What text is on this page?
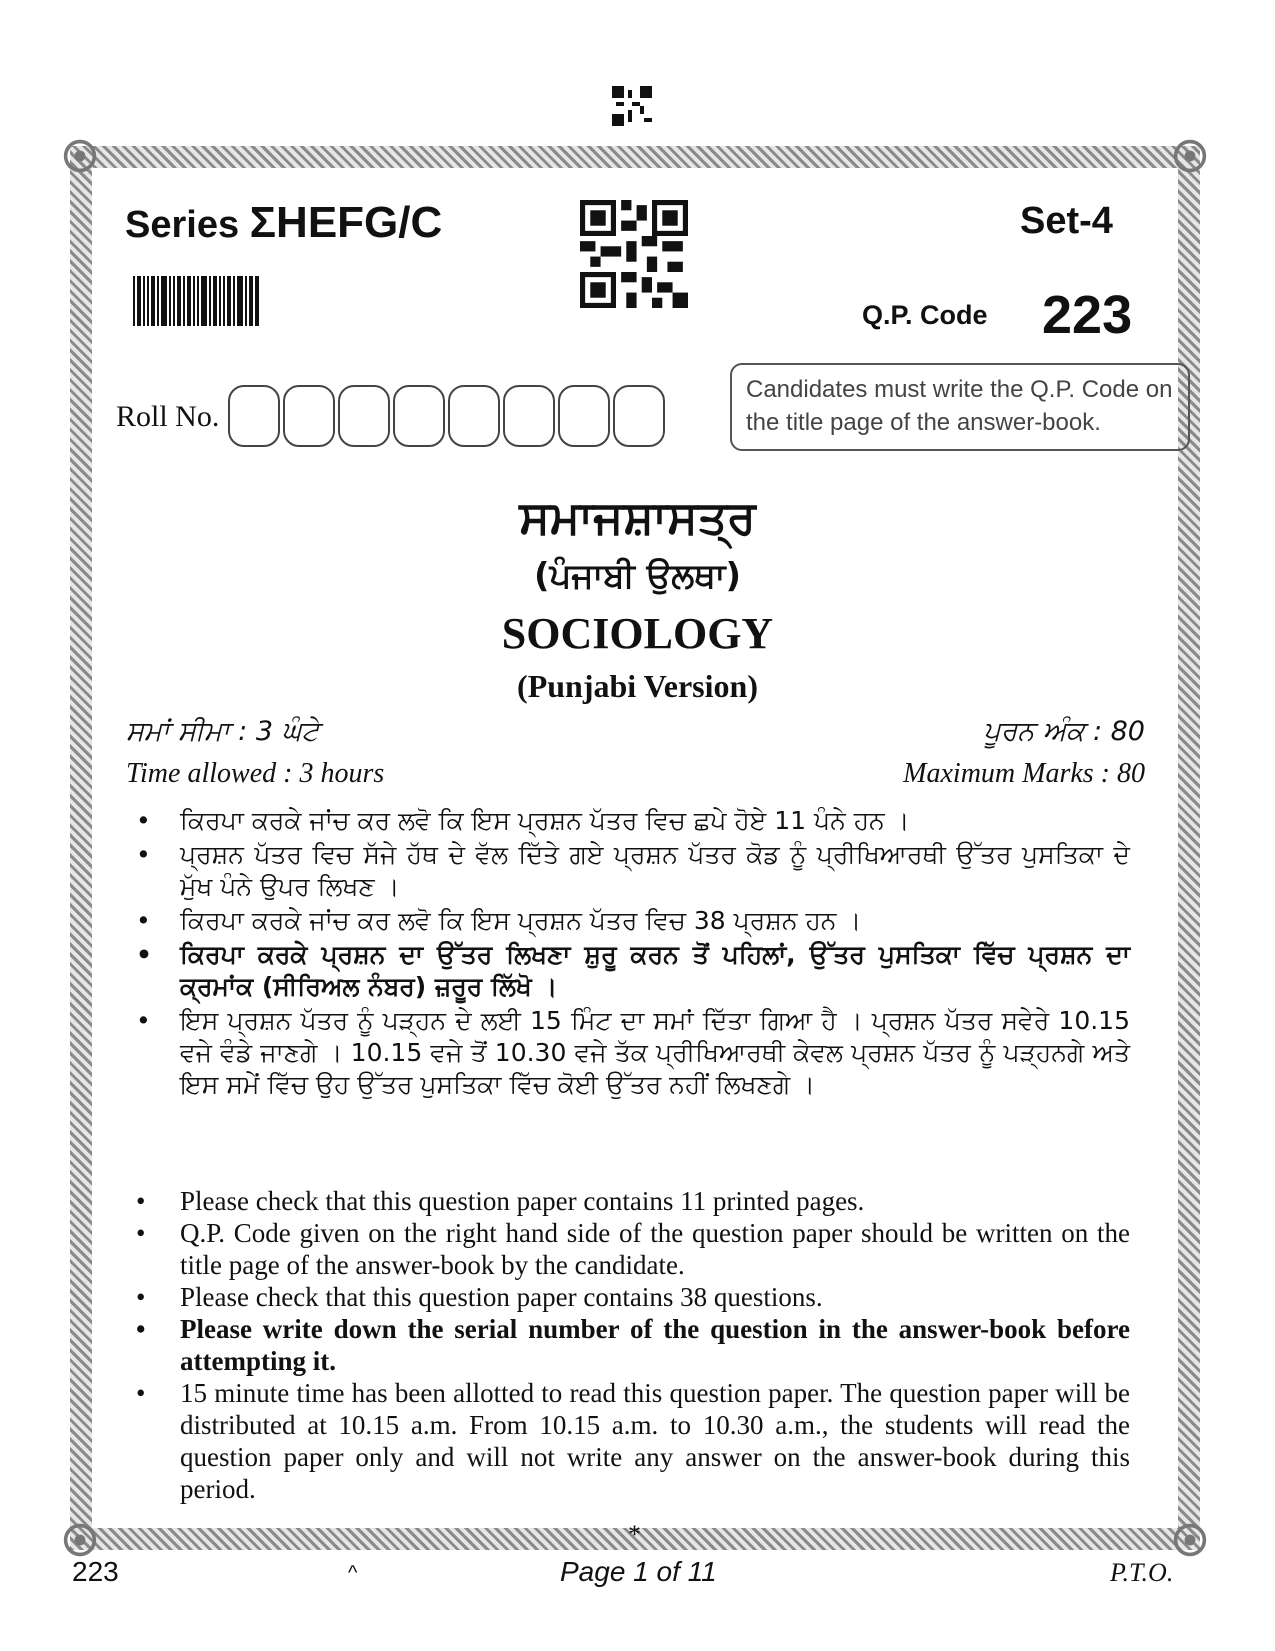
Series ΣHEFG/C	Set-4
Q.P. Code 223
Roll No.
Candidates must write the Q.P. Code on the title page of the answer-book.
ਸਮਾਜਸ਼ਾਸਤ੍ਰ
(ਪੰਜਾਬੀ ਉਲਥਾ)
SOCIOLOGY
(Punjabi Version)
ਸਮਾਂ ਸੀਮਾ : 3 ਘੰਟੇ	ਪੂਰਨ ਅੰਕ : 80
Time allowed : 3 hours	Maximum Marks : 80
• ਕਿਰਪਾ ਕਰਕੇ ਜਾਂਚ ਕਰ ਲਵੋ ਕਿ ਇਸ ਪ੍ਰਸ਼ਨ ਪੱਤਰ ਵਿਚ ਛਪੇ ਹੋਏ 11 ਪੰਨੇ ਹਨ ।
• ਪ੍ਰਸ਼ਨ ਪੱਤਰ ਵਿਚ ਸੱਜੇ ਹੱਥ ਦੇ ਵੱਲ ਦਿੱਤੇ ਗਏ ਪ੍ਰਸ਼ਨ ਪੱਤਰ ਕੋਡ ਨੂੰ ਪ੍ਰੀਖਿਆਰਥੀ ਉੱਤਰ ਪੁਸਤਿਕਾ ਦੇ ਮੁੱਖ ਪੰਨੇ ਉਪਰ ਲਿਖਣ ।
• ਕਿਰਪਾ ਕਰਕੇ ਜਾਂਚ ਕਰ ਲਵੋ ਕਿ ਇਸ ਪ੍ਰਸ਼ਨ ਪੱਤਰ ਵਿਚ 38 ਪ੍ਰਸ਼ਨ ਹਨ ।
• ਕਿਰਪਾ ਕਰਕੇ ਪ੍ਰਸ਼ਨ ਦਾ ਉੱਤਰ ਲਿਖਣਾ ਸ਼ੁਰੂ ਕਰਨ ਤੋਂ ਪਹਿਲਾਂ, ਉੱਤਰ ਪੁਸਤਿਕਾ ਵਿੱਚ ਪ੍ਰਸ਼ਨ ਦਾ ਕ੍ਰਮਾਂਕ (ਸੀਰਿਅਲ ਨੰਬਰ) ਜ਼ਰੂਰ ਲਿੱਖੋ ।
• ਇਸ ਪ੍ਰਸ਼ਨ ਪੱਤਰ ਨੂੰ ਪੜ੍ਹਨ ਦੇ ਲਈ 15 ਮਿੰਟ ਦਾ ਸਮਾਂ ਦਿੱਤਾ ਗਿਆ ਹੈ । ਪ੍ਰਸ਼ਨ ਪੱਤਰ ਸਵੇਰੇ 10.15 ਵਜੇ ਵੰਡੇ ਜਾਣਗੇ । 10.15 ਵਜੇ ਤੋਂ 10.30 ਵਜੇ ਤੱਕ ਪ੍ਰੀਖਿਆਰਥੀ ਕੇਵਲ ਪ੍ਰਸ਼ਨ ਪੱਤਰ ਨੂੰ ਪੜ੍ਹਨਗੇ ਅਤੇ ਇਸ ਸਮੇਂ ਵਿੱਚ ਉਹ ਉੱਤਰ ਪੁਸਤਿਕਾ ਵਿੱਚ ਕੋਈ ਉੱਤਰ ਨਹੀਂ ਲਿਖਣਗੇ ।
• Please check that this question paper contains 11 printed pages.
• Q.P. Code given on the right hand side of the question paper should be written on the title page of the answer-book by the candidate.
• Please check that this question paper contains 38 questions.
• Please write down the serial number of the question in the answer-book before attempting it.
• 15 minute time has been allotted to read this question paper. The question paper will be distributed at 10.15 a.m. From 10.15 a.m. to 10.30 a.m., the students will read the question paper only and will not write any answer on the answer-book during this period.
*
223	^	Page 1 of 11	P.T.O.
